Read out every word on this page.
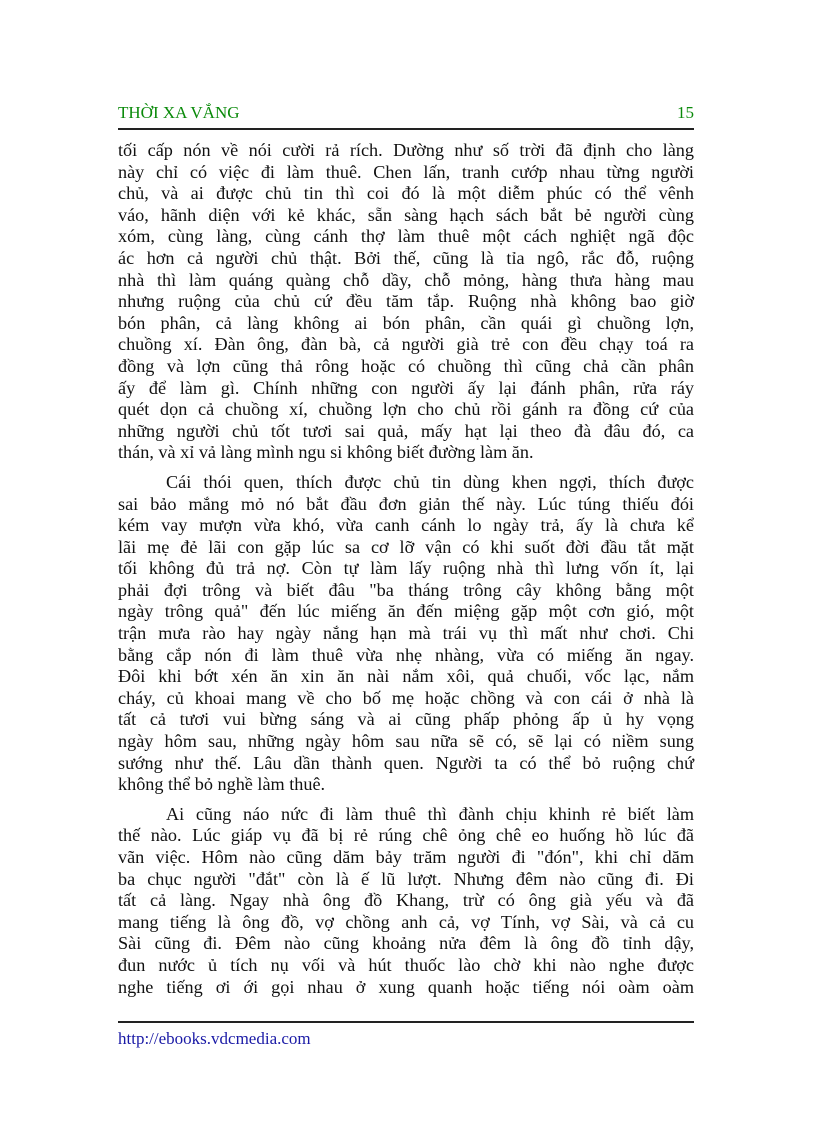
THỜI XA VẮNG	15
tối cấp nón về nói cười rả rích. Dường như số trời đã định cho làng
này chỉ có việc đi làm thuê. Chen lấn, tranh cướp nhau từng người
chủ, và ai được chủ tin thì coi đó là một diễm phúc có thể vênh
váo, hãnh diện với kẻ khác, sẵn sàng hạch sách bắt bẻ người cùng
xóm, cùng làng, cùng cánh thợ làm thuê một cách nghiệt ngã độc
ác hơn cả người chủ thật. Bởi thế, cũng là tỉa ngô, rắc đỗ, ruộng
nhà thì làm quáng quàng chỗ dầy, chỗ mỏng, hàng thưa hàng mau
nhưng ruộng của chủ cứ đều tăm tắp. Ruộng nhà không bao giờ
bón phân, cả làng không ai bón phân, cần quái gì chuồng lợn,
chuồng xí. Đàn ông, đàn bà, cả người già trẻ con đều chạy toá ra
đồng và lợn cũng thả rông hoặc có chuồng thì cũng chả cần phân
ấy để làm gì. Chính những con người ấy lại đánh phân, rửa ráy
quét dọn cả chuồng xí, chuồng lợn cho chủ rồi gánh ra đồng cứ của
những người chủ tốt tươi sai quả, mấy hạt lại theo đà đâu đó, ca
thán, và xỉ vả làng mình ngu si không biết đường làm ăn.
Cái thói quen, thích được chủ tin dùng khen ngợi, thích được
sai bảo mắng mỏ nó bắt đầu đơn giản thế này. Lúc túng thiếu đói
kém vay mượn vừa khó, vừa canh cánh lo ngày trả, ấy là chưa kể
lãi mẹ đẻ lãi con gặp lúc sa cơ lỡ vận có khi suốt đời đầu tắt mặt
tối không đủ trả nợ. Còn tự làm lấy ruộng nhà thì lưng vốn ít, lại
phải đợi trông và biết đâu "ba tháng trông cây không bằng một
ngày trông quả" đến lúc miếng ăn đến miệng gặp một cơn gió, một
trận mưa rào hay ngày nắng hạn mà trái vụ thì mất như chơi. Chi
bằng cắp nón đi làm thuê vừa nhẹ nhàng, vừa có miếng ăn ngay.
Đôi khi bớt xén ăn xin ăn nài nắm xôi, quả chuối, vốc lạc, nắm
cháy, củ khoai mang về cho bố mẹ hoặc chồng và con cái ở nhà là
tất cả tươi vui bừng sáng và ai cũng phấp phỏng ấp ủ hy vọng
ngày hôm sau, những ngày hôm sau nữa sẽ có, sẽ lại có niềm sung
sướng như thế. Lâu dần thành quen. Người ta có thể bỏ ruộng chứ
không thể bỏ nghề làm thuê.
Ai cũng náo nức đi làm thuê thì đành chịu khinh rẻ biết làm
thế nào. Lúc giáp vụ đã bị rẻ rúng chê ỏng chê eo huống hồ lúc đã
vãn việc. Hôm nào cũng dăm bảy trăm người đi "đón", khi chỉ dăm
ba chục người "đắt" còn là ế lũ lượt. Nhưng đêm nào cũng đi. Đi
tất cả làng. Ngay nhà ông đồ Khang, trừ có ông già yếu và đã
mang tiếng là ông đồ, vợ chồng anh cả, vợ Tính, vợ Sài, và cả cu
Sài cũng đi. Đêm nào cũng khoảng nửa đêm là ông đồ tỉnh dậy,
đun nước ủ tích nụ vối và hút thuốc lào chờ khi nào nghe được
nghe tiếng ơi ới gọi nhau ở xung quanh hoặc tiếng nói oàm oàm
http://ebooks.vdcmedia.com
